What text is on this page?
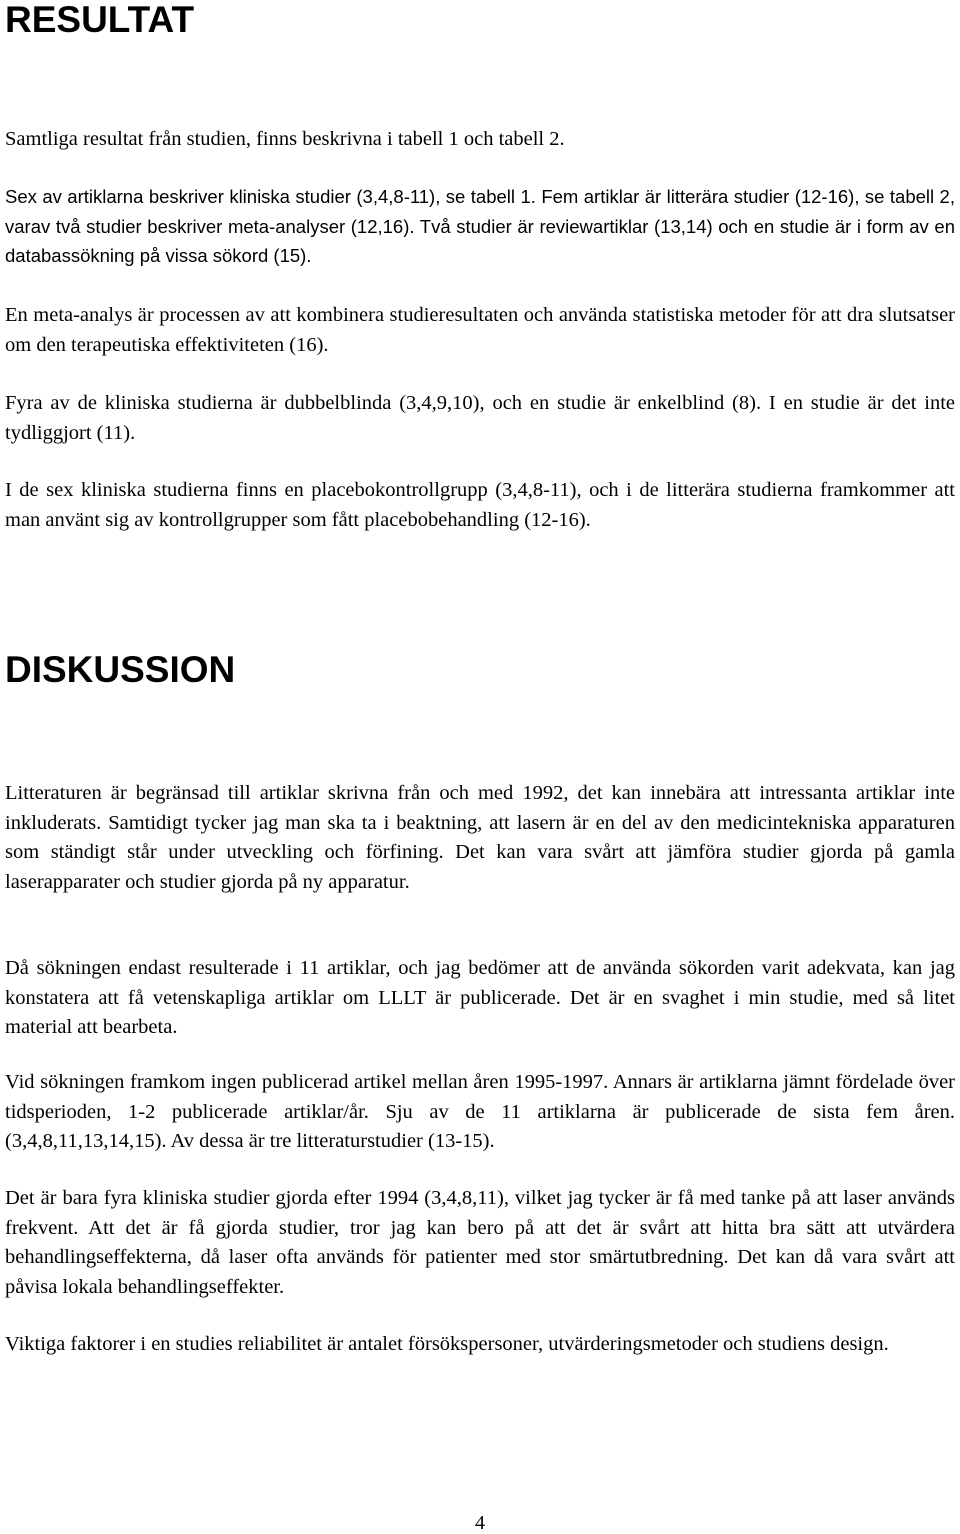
RESULTAT

Samtliga resultat från studien, finns beskrivna i tabell 1 och tabell 2.

Sex av artiklarna beskriver kliniska studier (3,4,8-11), se tabell 1. Fem artiklar är litterära studier (12-16), se tabell 2, varav två studier beskriver meta-analyser (12,16). Två studier är reviewartiklar (13,14) och en studie är i form av en databassökning på vissa sökord (15).

En meta-analys är processen av att kombinera studieresultaten och använda statistiska metoder för att dra slutsatser om den terapeutiska effektiviteten (16).

Fyra av de kliniska studierna är dubbelblinda (3,4,9,10), och en studie är enkelblind (8). I en studie är det inte tydliggjort (11).

I de sex kliniska studierna finns en placebokontrollgrupp (3,4,8-11), och i de litterära studierna framkommer att man använt sig av kontrollgrupper som fått placebobehandling (12-16).

DISKUSSION

Litteraturen är begränsad till artiklar skrivna från och med 1992, det kan innebära att intressanta artiklar inte inkluderats. Samtidigt tycker jag man ska ta i beaktning, att lasern är en del av den medicintekniska apparaturen som ständigt står under utveckling och förfining. Det kan vara svårt att jämföra studier gjorda på gamla laserapparater och studier gjorda på ny apparatur.

Då sökningen endast resulterade i 11 artiklar, och jag bedömer att de använda sökorden varit adekvata, kan jag konstatera att få vetenskapliga artiklar om LLLT är publicerade. Det är en svaghet i min studie, med så litet material att bearbeta.

Vid sökningen framkom ingen publicerad artikel mellan åren 1995-1997. Annars är artiklarna jämnt fördelade över tidsperioden, 1-2 publicerade artiklar/år. Sju av de 11 artiklarna är publicerade de sista fem åren. (3,4,8,11,13,14,15). Av dessa är tre litteraturstudier (13-15).

Det är bara fyra kliniska studier gjorda efter 1994 (3,4,8,11), vilket jag tycker är få med tanke på att laser används frekvent. Att det är få gjorda studier, tror jag kan bero på att det är svårt att hitta bra sätt att utvärdera behandlingseffekterna, då laser ofta används för patienter med stor smärtutbredning. Det kan då vara svårt att påvisa lokala behandlingseffekter.

Viktiga faktorer i en studies reliabilitet är antalet försökspersoner, utvärderingsmetoder och studiens design.

4
